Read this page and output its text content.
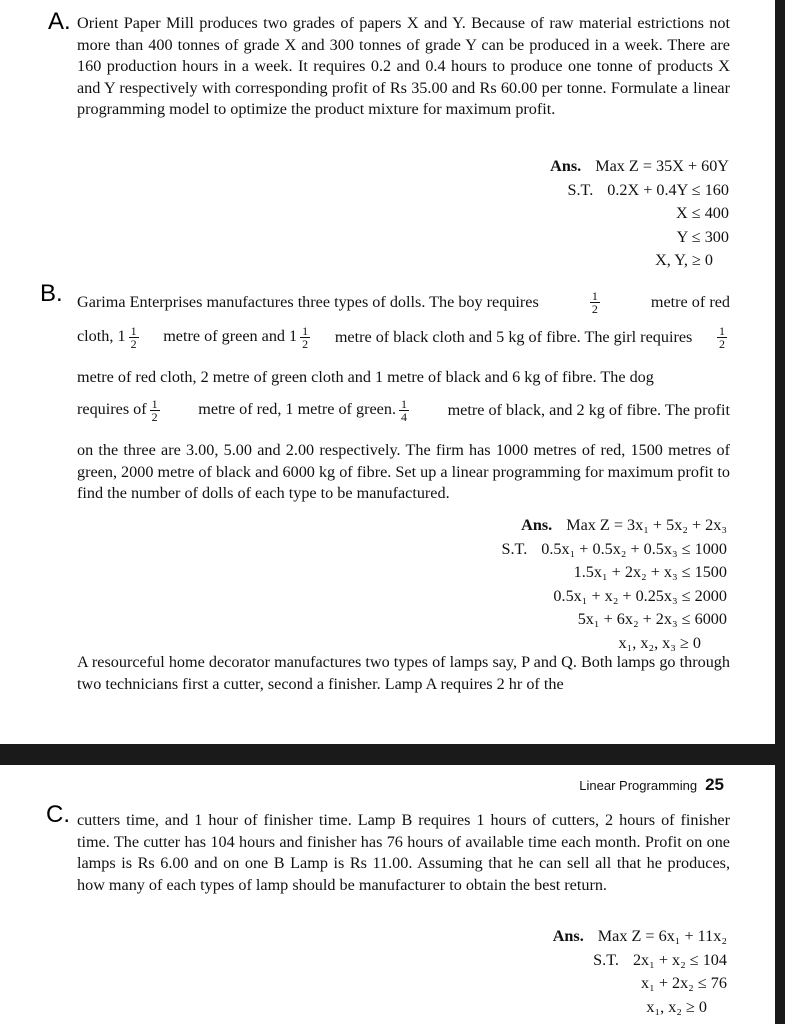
A. Orient Paper Mill produces two grades of papers X and Y. Because of raw material estrictions not more than 400 tonnes of grade X and 300 tonnes of grade Y can be produced in a week. There are 160 production hours in a week. It requires 0.2 and 0.4 hours to produce one tonne of products X and Y respectively with corresponding profit of Rs 35.00 and Rs 60.00 per tonne. Formulate a linear programming model to optimize the product mixture for maximum profit.

Ans. Max Z = 35X + 60Y
S.T. 0.2X + 0.4Y ≤ 160
X ≤ 400
Y ≤ 300
X, Y, ≥ 0
B. Garima Enterprises manufactures three types of dolls. The boy requires	$\frac{1}{2}$	metre of red
cloth, $1 \frac{1}{2}$ metre of green and $1 \frac{1}{2}$ metre of black cloth and 5 kg of fibre. The girl requires $\frac{1}{2}$
metre of red cloth, 2 metre of green cloth and 1 metre of black and 6 kg of fibre. The dog
requires of $\frac{1}{2}$ metre of red, 1 metre of green. $\frac{1}{4}$ metre of black, and 2 kg of fibre. The profit

on the three are 3.00, 5.00 and 2.00 respectively. The firm has 1000 metres of red, 1500 metres of green, 2000 metre of black and 6000 kg of fibre. Set up a linear programming for maximum profit to find the number of dolls of each type to be manufactured.

Ans. Max Z = 3x₁ + 5x₂ + 2x₃
S.T. 0.5x₁ + 0.5x₂ + 0.5x₃ ≤ 1000
1.5x₁ + 2x₂ + x₃ ≤ 1500
0.5x₁ + x₂ + 0.25x₃ ≤ 2000
5x₁ + 6x₂ + 2x₃ ≤ 6000
x₁, x₂, x₃ ≥ 0

A resourceful home decorator manufactures two types of lamps say, P and Q. Both lamps go through two technicians first a cutter, second a finisher. Lamp A requires 2 hr of the

Linear Programming 25
C. cutters time, and 1 hour of finisher time. Lamp B requires 1 hours of cutters, 2 hours of finisher time. The cutter has 104 hours and finisher has 76 hours of available time each month. Profit on one lamps is Rs 6.00 and on one B Lamp is Rs 11.00. Assuming that he can sell all that he produces, how many of each types of lamp should be manufacturer to obtain the best return.

Ans. Max Z = 6x₁ + 11x₂
S.T. 2x₁ + x₂ ≤ 104
x₁ + 2x₂ ≤ 76
x₁, x₂ ≥ 0
